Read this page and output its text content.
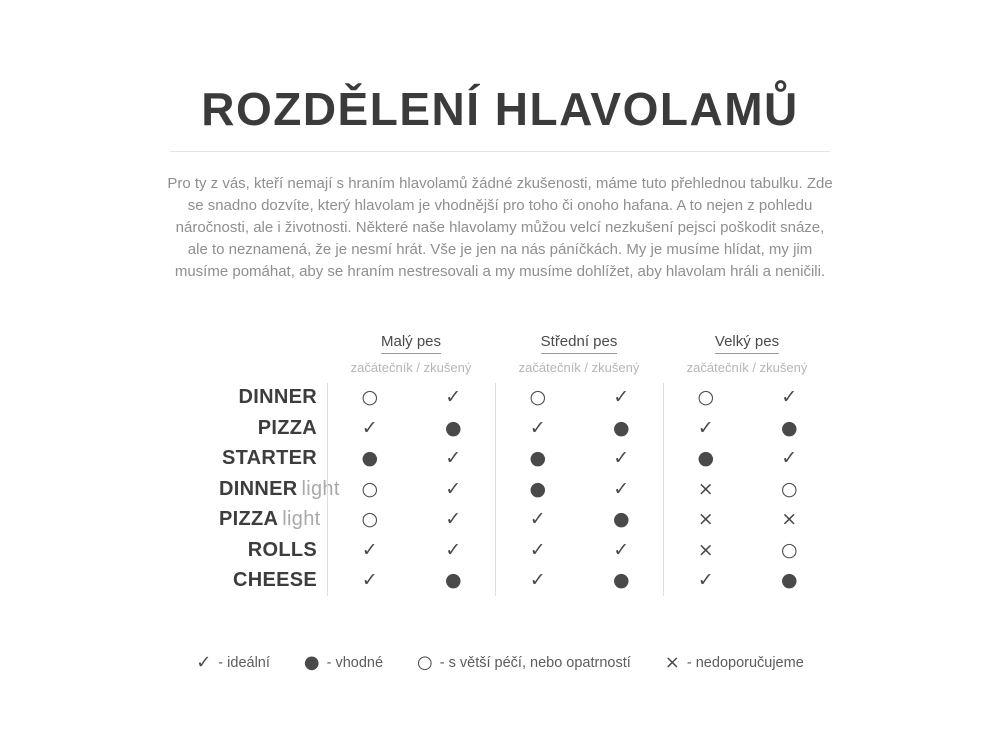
ROZDĚLENÍ HLAVOLAMŮ

Pro ty z vás, kteří nemají s hraním hlavolamů žádné zkušenosti, máme tuto přehlednou tabulku. Zde se snadno dozvíte, který hlavolam je vhodnější pro toho či onoho hafana. A to nejen z pohledu náročnosti, ale i životnosti. Některé naše hlavolamy můžou velcí nezkušení pejsci poškodit snáze, ale to neznamená, že je nesmí hrát. Vše je jen na nás páníčkách. My je musíme hlídat, my jim musíme pomáhat, aby se hraním nestresovali a my musíme dohlížet, aby hlavolam hráli a neničili.

Malý pes
začátečník / zkušený
Střední pes
začátečník / zkušený
Velký pes
začátečník / zkušený
DINNER	○	✓	○	✓	○	✓
PIZZA	✓	●	✓	●	✓	●
STARTER	●	✓	●	✓	●	✓
DINNER light	○	✓	●	✓	×	○
PIZZA light	○	✓	✓	●	×	×
ROLLS	✓	✓	✓	✓	×	○
CHEESE	✓	●	✓	●	✓	●
✓ - ideální ● - vhodné ○ - s větší péčí, nebo opatrností × - nedoporučujeme
